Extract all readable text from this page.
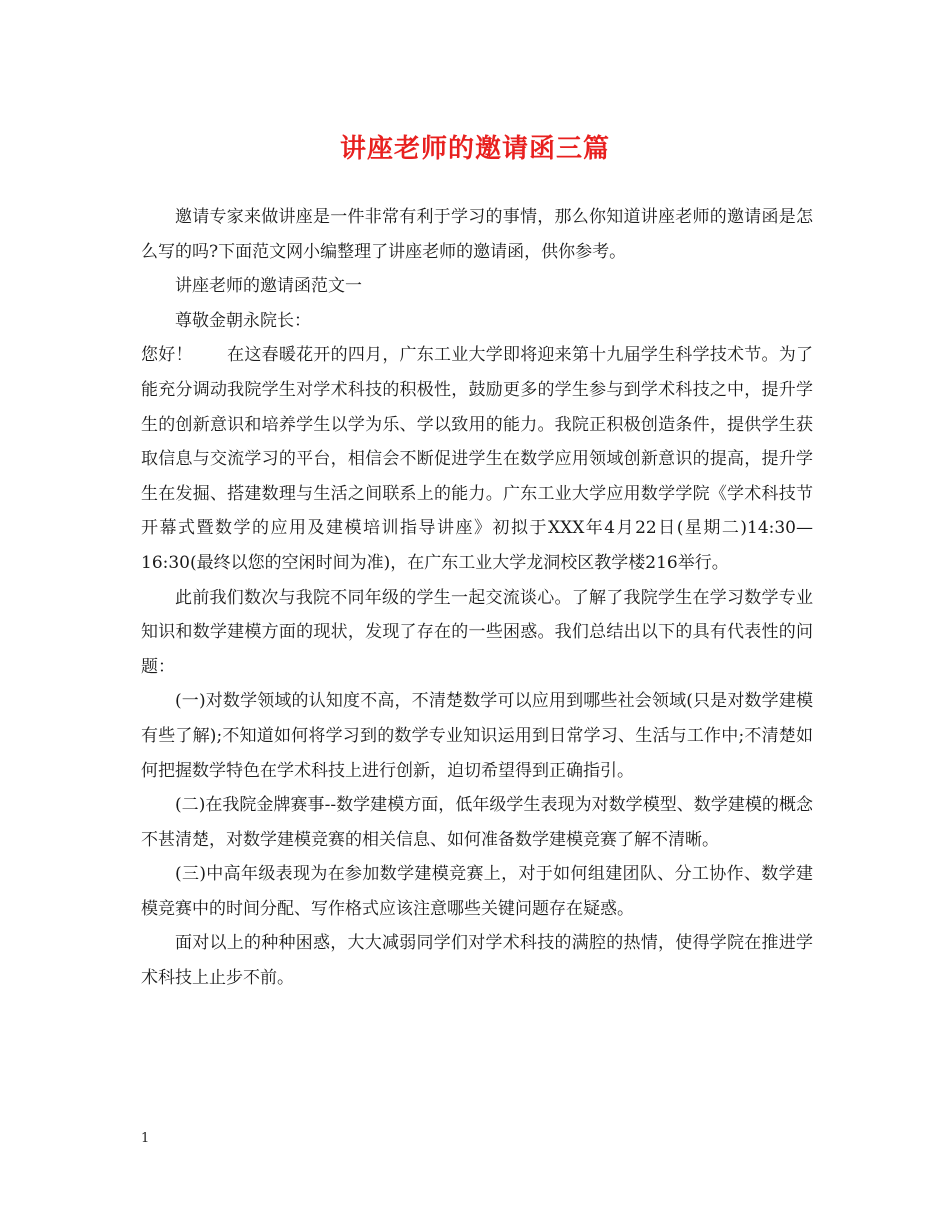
讲座老师的邀请函三篇

邀请专家来做讲座是一件非常有利于学习的事情，那么你知道讲座老师的邀请函是怎么写的吗?下面范文网小编整理了讲座老师的邀请函，供你参考。

讲座老师的邀请函范文一

尊敬金朝永院长：

您好！　　在这春暖花开的四月，广东工业大学即将迎来第十九届学生科学技术节。为了能充分调动我院学生对学术科技的积极性，鼓励更多的学生参与到学术科技之中，提升学生的创新意识和培养学生以学为乐、学以致用的能力。我院正积极创造条件，提供学生获取信息与交流学习的平台，相信会不断促进学生在数学应用领域创新意识的提高，提升学生在发掘、搭建数理与生活之间联系上的能力。广东工业大学应用数学学院《学术科技节开幕式暨数学的应用及建模培训指导讲座》初拟于XXX年4月22日(星期二)14:30—16:30(最终以您的空闲时间为准)，在广东工业大学龙洞校区教学楼216举行。

此前我们数次与我院不同年级的学生一起交流谈心。了解了我院学生在学习数学专业知识和数学建模方面的现状，发现了存在的一些困惑。我们总结出以下的具有代表性的问题：

(一)对数学领域的认知度不高，不清楚数学可以应用到哪些社会领域(只是对数学建模有些了解);不知道如何将学习到的数学专业知识运用到日常学习、生活与工作中;不清楚如何把握数学特色在学术科技上进行创新，迫切希望得到正确指引。

(二)在我院金牌赛事--数学建模方面，低年级学生表现为对数学模型、数学建模的概念不甚清楚，对数学建模竞赛的相关信息、如何准备数学建模竞赛了解不清晰。

(三)中高年级表现为在参加数学建模竞赛上，对于如何组建团队、分工协作、数学建模竞赛中的时间分配、写作格式应该注意哪些关键问题存在疑惑。

面对以上的种种困惑，大大减弱同学们对学术科技的满腔的热情，使得学院在推进学术科技上止步不前。

1
